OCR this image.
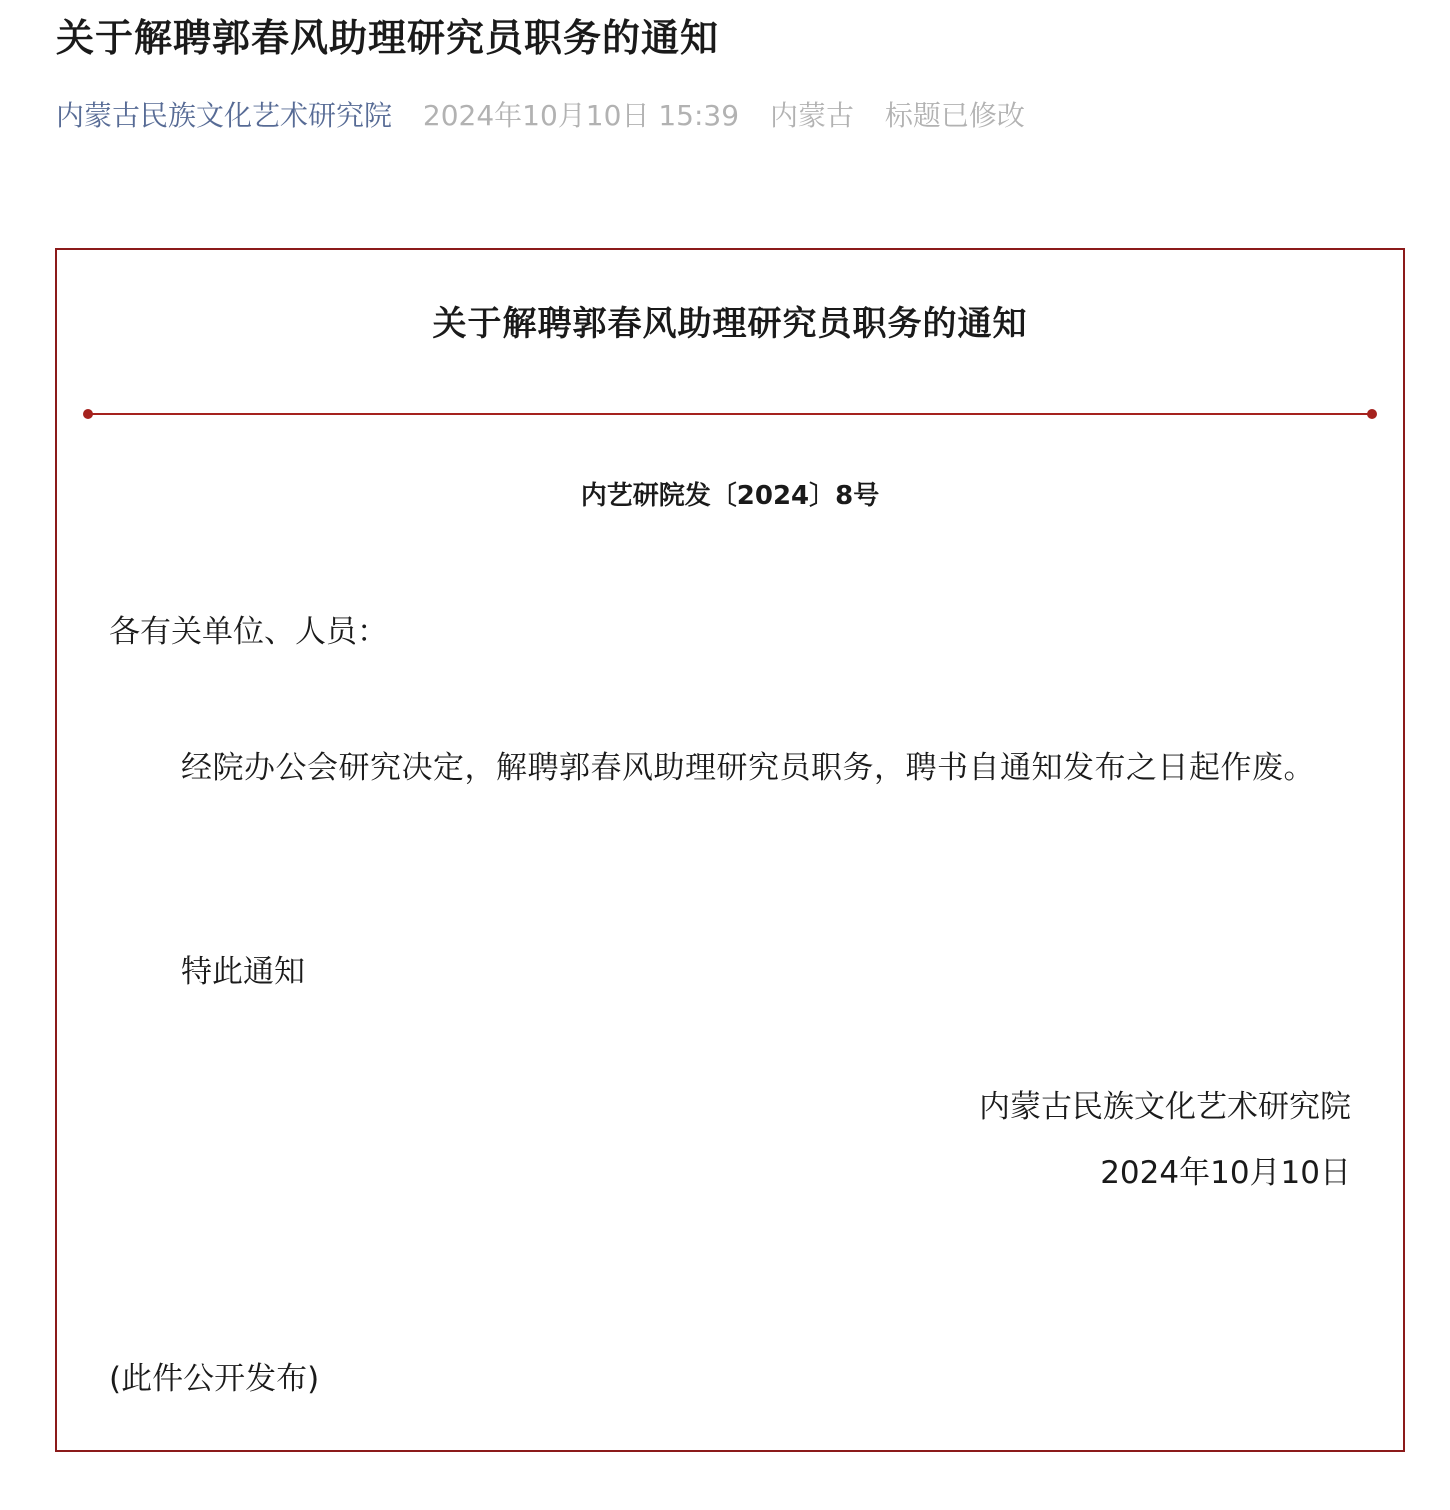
关于解聘郭春风助理研究员职务的通知
内蒙古民族文化艺术研究院 2024年10月10日 15:39 内蒙古 标题已修改
关于解聘郭春风助理研究员职务的通知
内艺研院发〔2024〕8号

各有关单位、人员：

经院办公会研究决定，解聘郭春风助理研究员职务，聘书自通知发布之日起作废。

特此通知

内蒙古民族文化艺术研究院
2024年10月10日

(此件公开发布)
